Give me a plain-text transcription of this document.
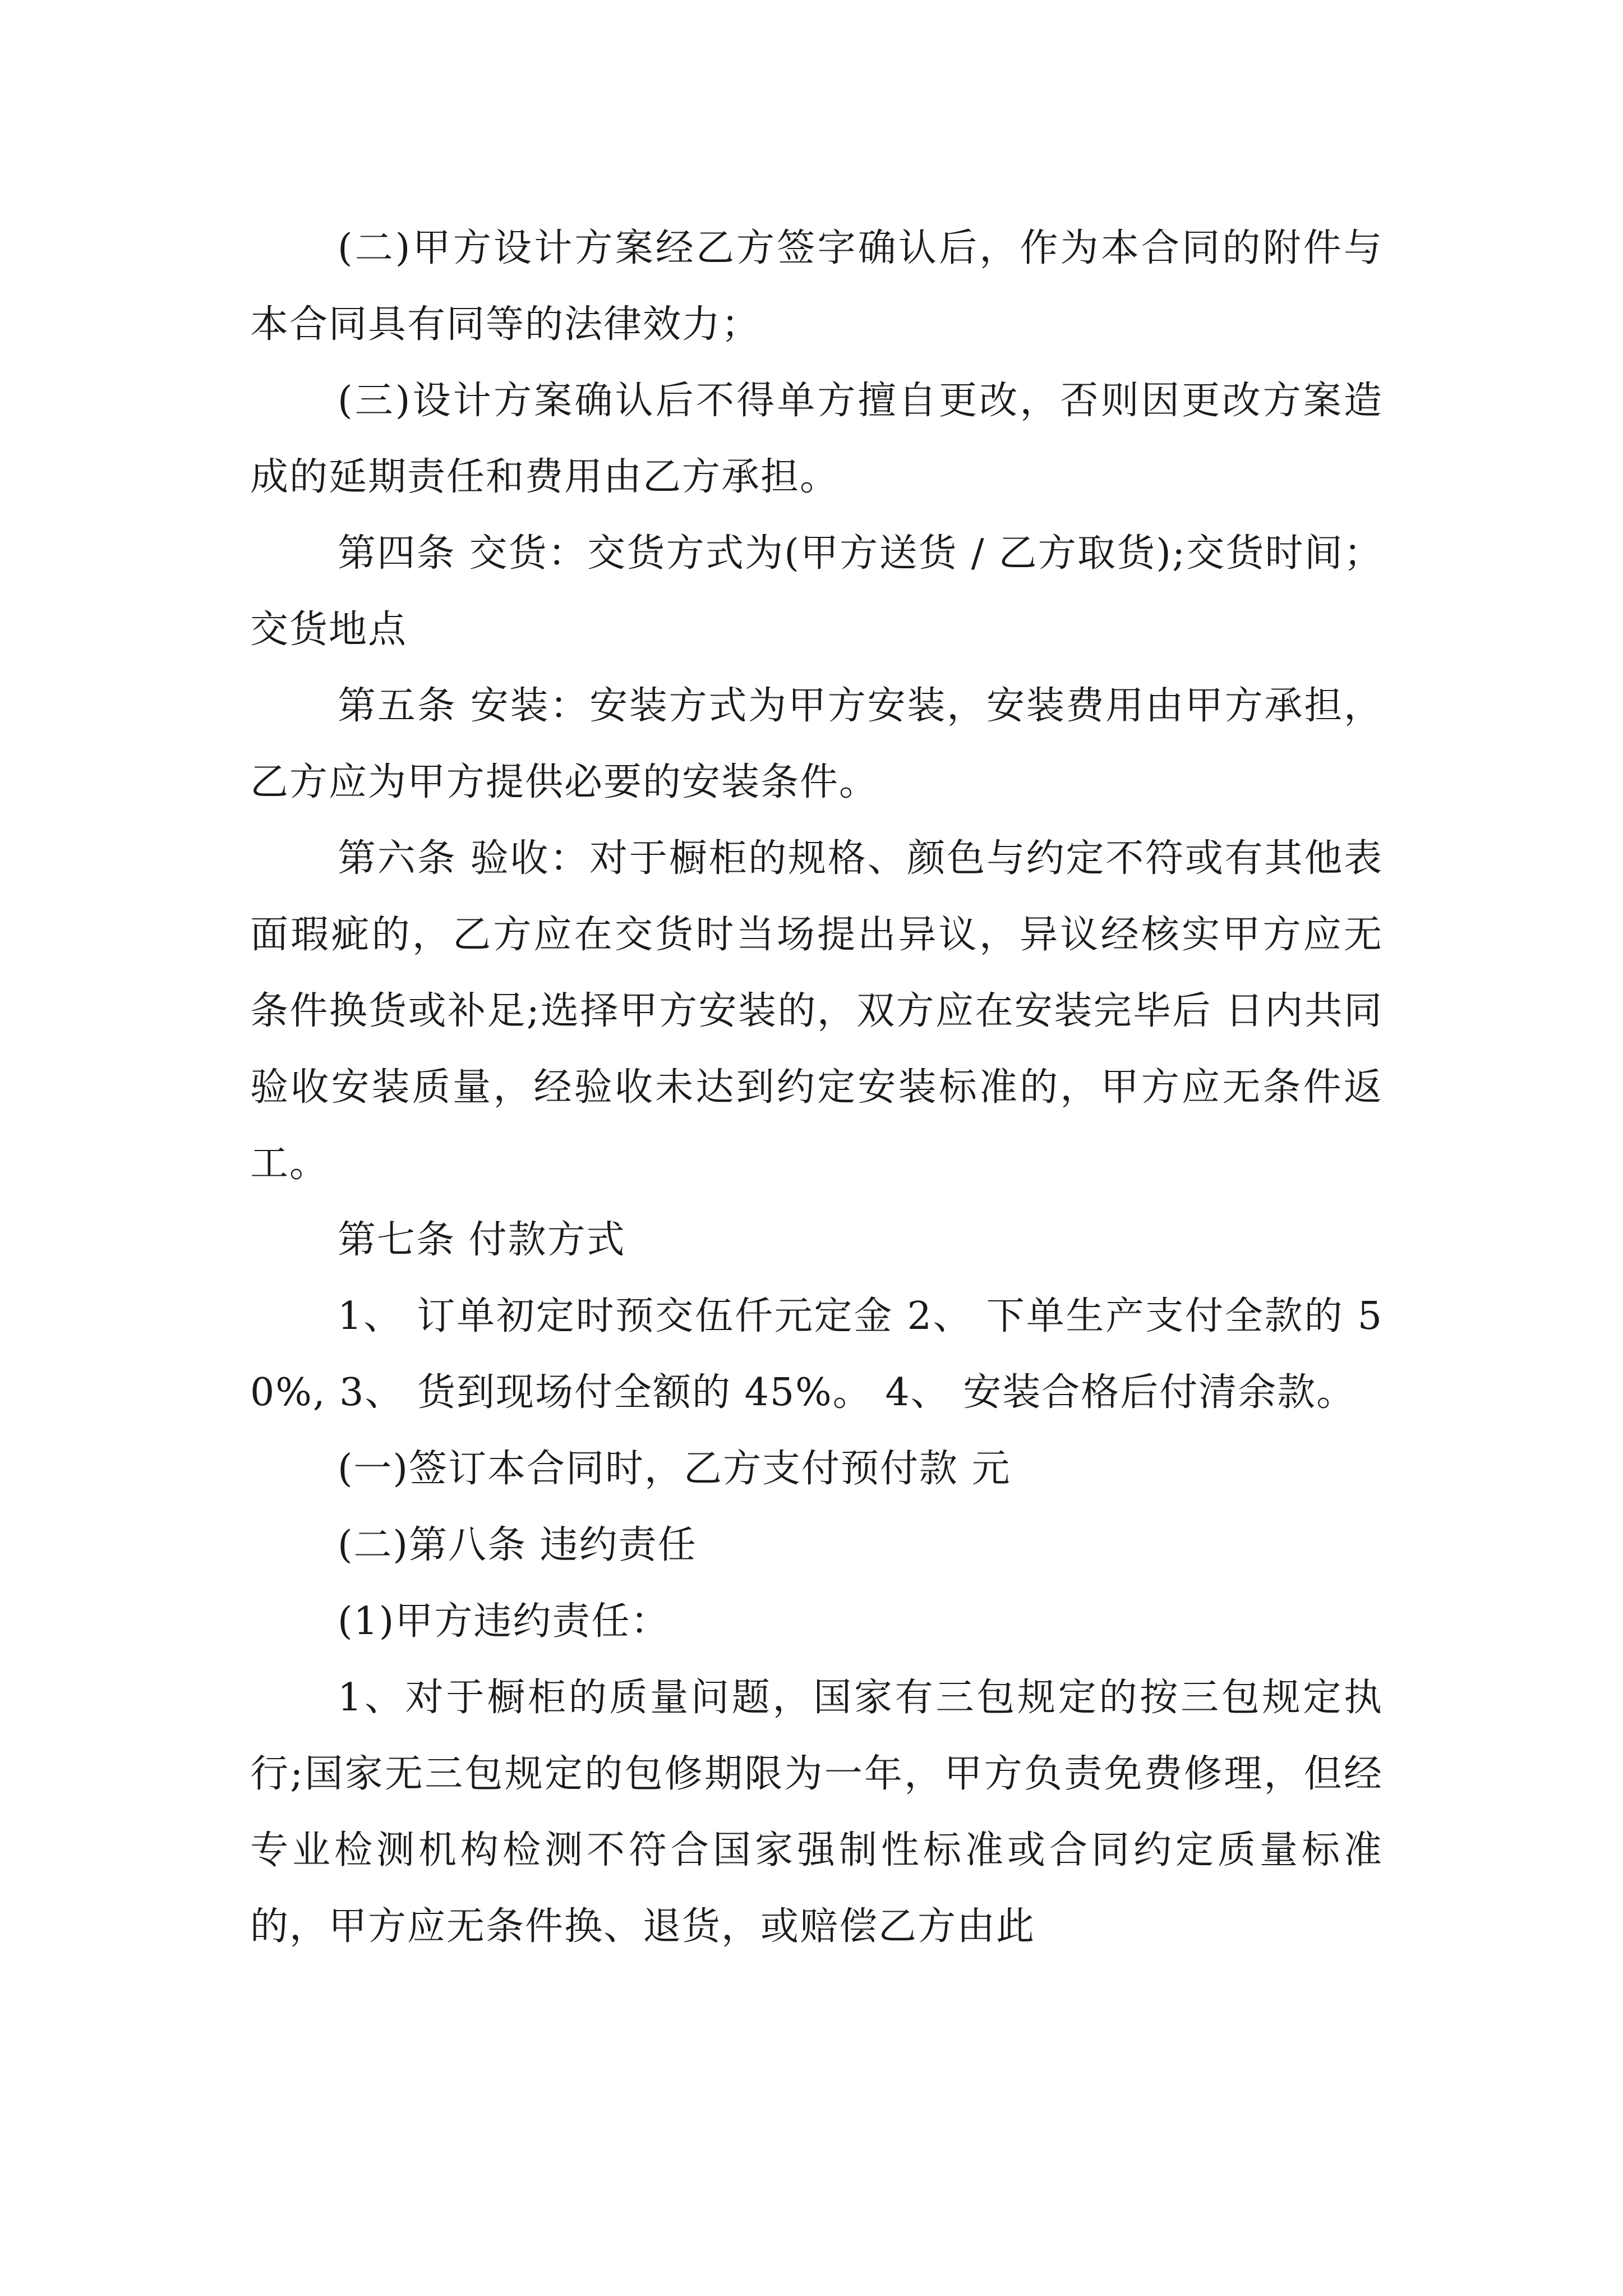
(二)甲方设计方案经乙方签字确认后，作为本合同的附件与本合同具有同等的法律效力；

(三)设计方案确认后不得单方擅自更改，否则因更改方案造成的延期责任和费用由乙方承担。

第四条 交货：交货方式为(甲方送货 / 乙方取货);交货时间；交货地点

第五条 安装：安装方式为甲方安装，安装费用由甲方承担，乙方应为甲方提供必要的安装条件。

第六条 验收：对于橱柜的规格、颜色与约定不符或有其他表面瑕疵的，乙方应在交货时当场提出异议，异议经核实甲方应无条件换货或补足;选择甲方安装的，双方应在安装完毕后 日内共同验收安装质量，经验收未达到约定安装标准的，甲方应无条件返工。

第七条 付款方式

1、 订单初定时预交伍仟元定金 2、 下单生产支付全款的 50%, 3、 货到现场付全额的 45%。 4、 安装合格后付清余款。

(一)签订本合同时，乙方支付预付款 元

(二)第八条 违约责任

(1)甲方违约责任：

1、对于橱柜的质量问题，国家有三包规定的按三包规定执行;国家无三包规定的包修期限为一年，甲方负责免费修理，但经专业检测机构检测不符合国家强制性标准或合同约定质量标准的，甲方应无条件换、退货，或赔偿乙方由此
